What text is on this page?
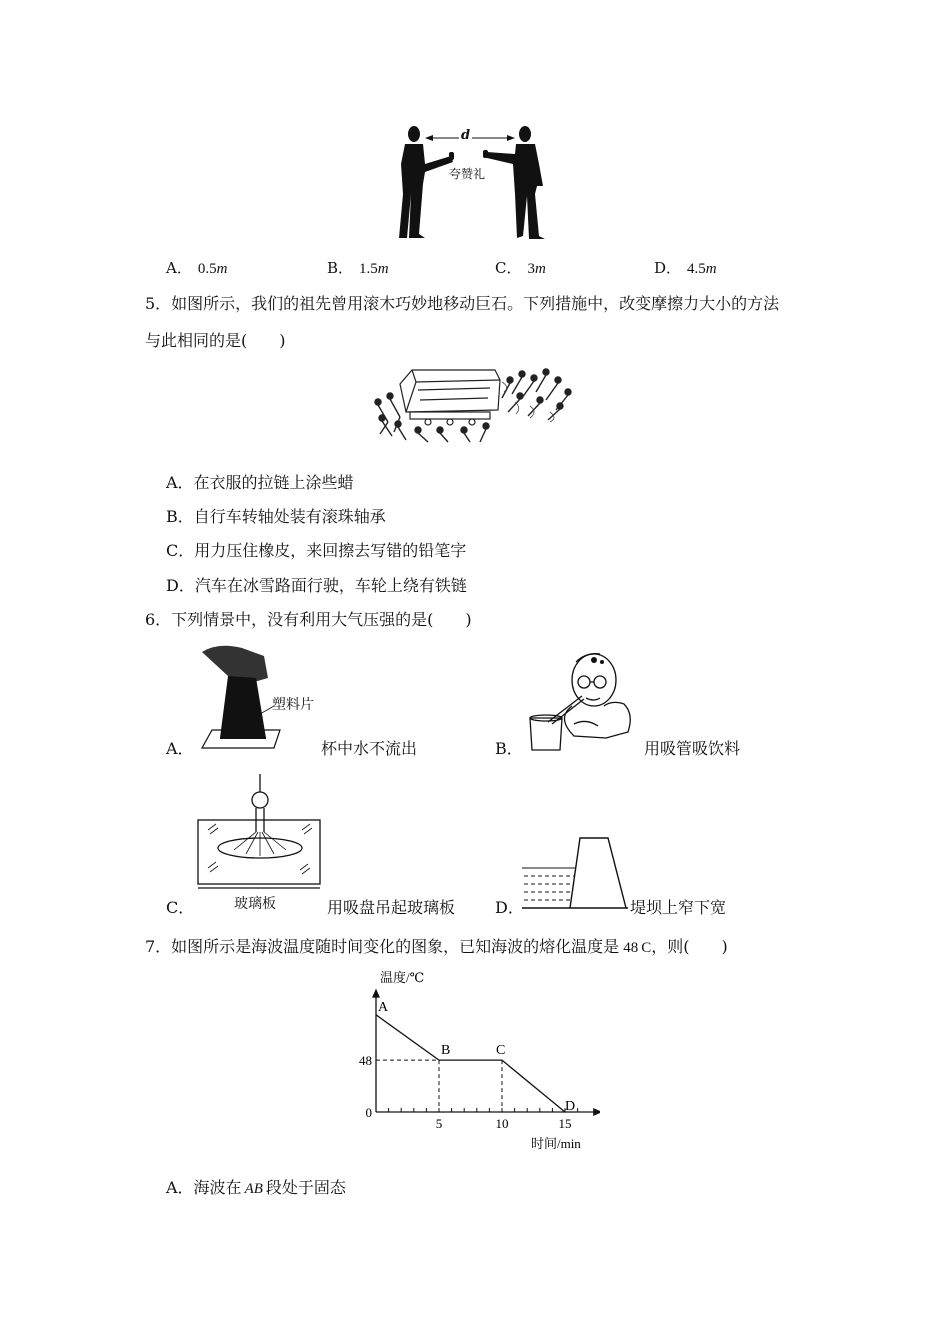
d
夸赞礼
A． 0.5m	B． 1.5m	C． 3m	D． 4.5m
5．如图所示，我们的祖先曾用滚木巧妙地移动巨石。下列措施中，改变摩擦力大小的方法
与此相同的是(　　)
A．在衣服的拉链上涂些蜡
B．自行车转轴处装有滚珠轴承
C．用力压住橡皮，来回擦去写错的铅笔字
D．汽车在冰雪路面行驶，车轮上绕有铁链
6．下列情景中，没有利用大气压强的是(　　)
塑料片
A．	杯中水不流出	B．	用吸管吸饮料
玻璃板
C．	用吸盘吊起玻璃板 D．	堤坝上窄下宽
7．如图所示是海波温度随时间变化的图象，已知海波的熔化温度是 48 C，则(　　)
温度/℃
时间/min
5	10	15
0
48
A
B	C
D
A．海波在 AB 段处于固态
